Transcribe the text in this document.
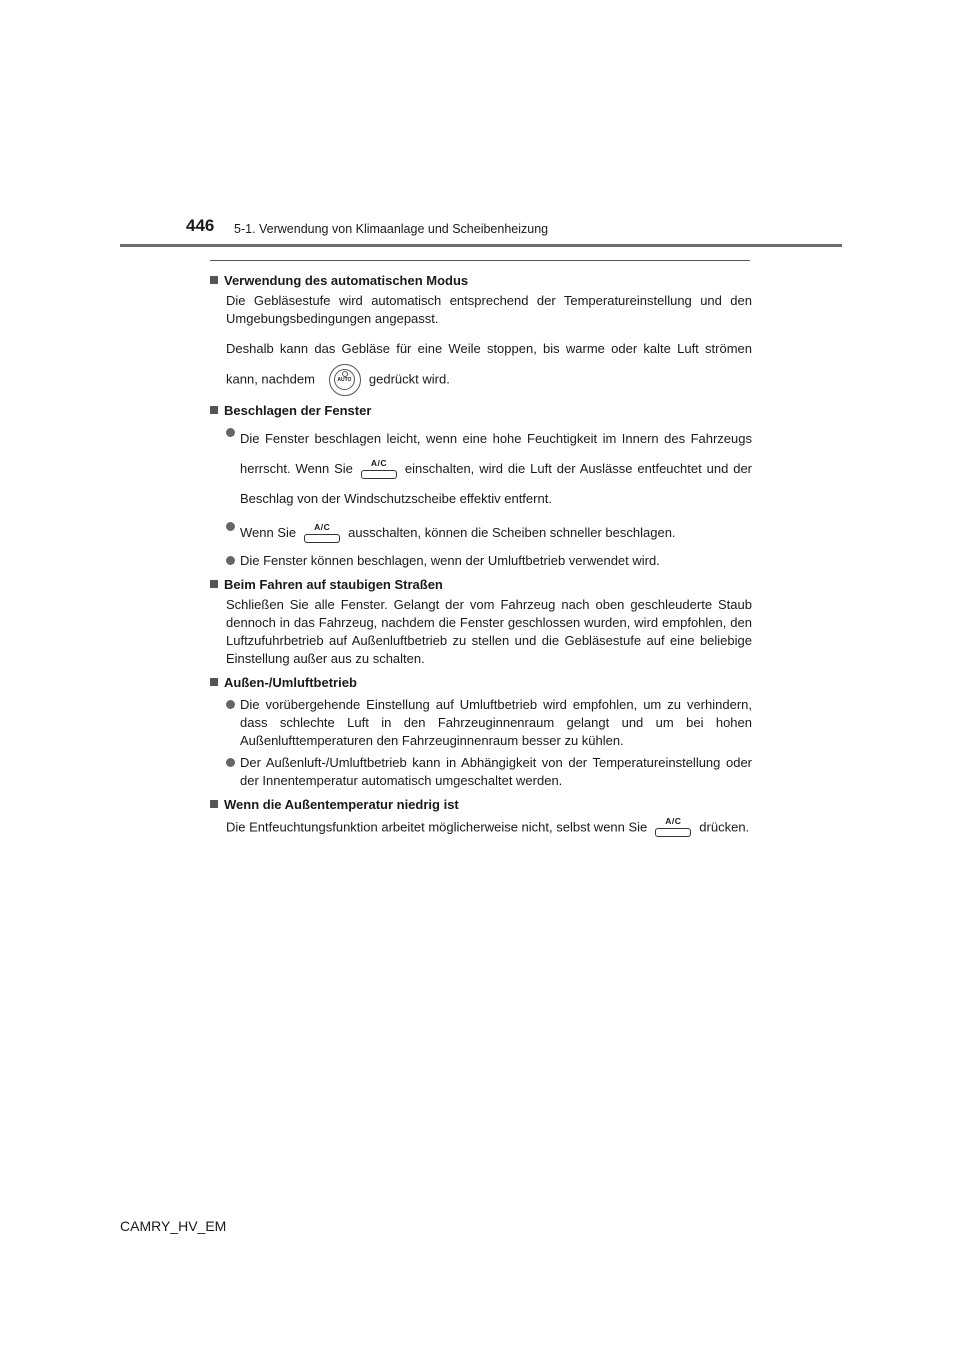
446 5-1. Verwendung von Klimaanlage und Scheibenheizung
Verwendung des automatischen Modus
Die Gebläsestufe wird automatisch entsprechend der Temperatureinstellung und den Umgebungsbedingungen angepasst.
Deshalb kann das Gebläse für eine Weile stoppen, bis warme oder kalte Luft strömen kann, nachdem	AUTO	gedrückt wird.
Beschlagen der Fenster
Die Fenster beschlagen leicht, wenn eine hohe Feuchtigkeit im Innern des Fahrzeugs herrscht. Wenn Sie	A/C	einschalten, wird die Luft der Auslässe entfeuchtet und der Beschlag von der Windschutzscheibe effektiv entfernt.
Wenn Sie	A/C	ausschalten, können die Scheiben schneller beschlagen.
Die Fenster können beschlagen, wenn der Umluftbetrieb verwendet wird.
Beim Fahren auf staubigen Straßen
Schließen Sie alle Fenster. Gelangt der vom Fahrzeug nach oben geschleuderte Staub dennoch in das Fahrzeug, nachdem die Fenster geschlossen wurden, wird empfohlen, den Luftzufuhrbetrieb auf Außenluftbetrieb zu stellen und die Gebläsestufe auf eine beliebige Einstellung außer aus zu schalten.
Außen-/Umluftbetrieb
Die vorübergehende Einstellung auf Umluftbetrieb wird empfohlen, um zu verhindern, dass schlechte Luft in den Fahrzeuginnenraum gelangt und um bei hohen Außenlufttemperaturen den Fahrzeuginnenraum besser zu kühlen.
Der Außenluft-/Umluftbetrieb kann in Abhängigkeit von der Temperatureinstellung oder der Innentemperatur automatisch umgeschaltet werden.
Wenn die Außentemperatur niedrig ist
Die Entfeuchtungsfunktion arbeitet möglicherweise nicht, selbst wenn Sie	A/C	drücken.
CAMRY_HV_EM
